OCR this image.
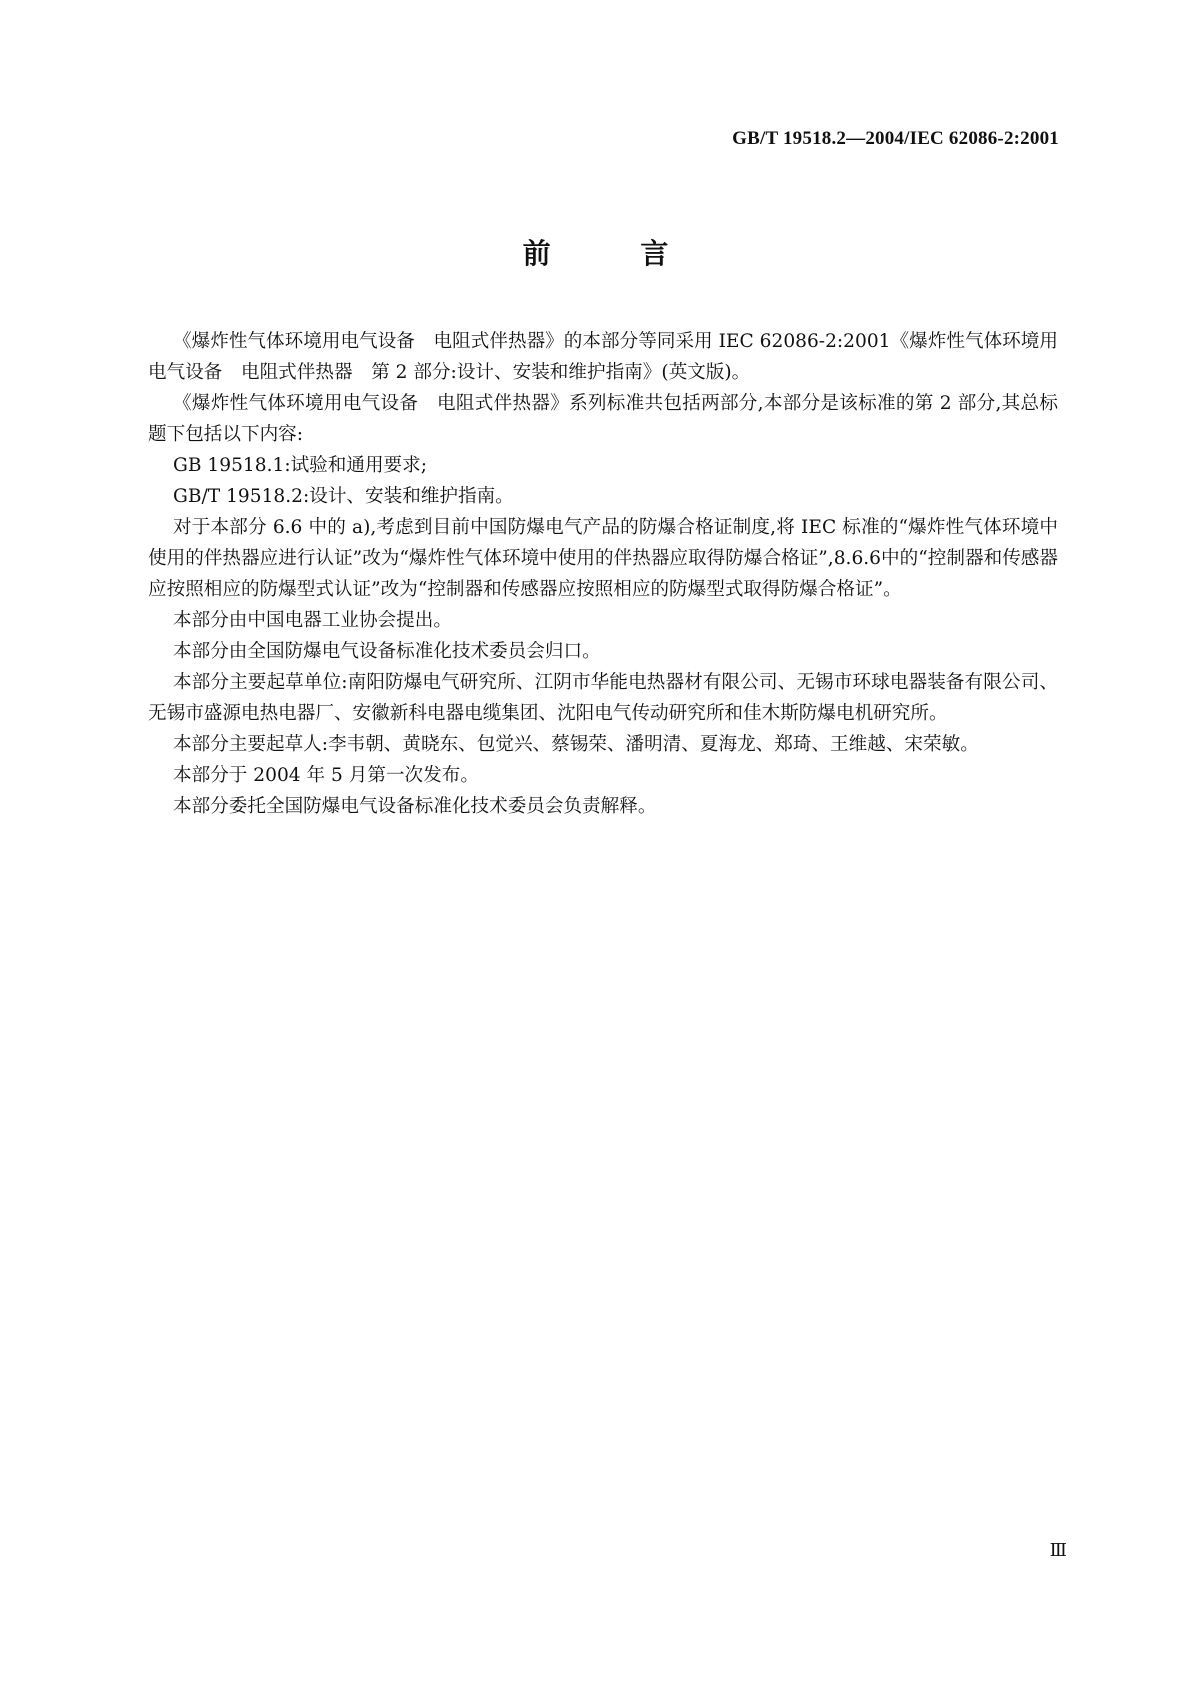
GB/T 19518.2—2004/IEC 62086-2:2001
前 言

《爆炸性气体环境用电气设备　电阻式伴热器》的本部分等同采用 IEC 62086-2:2001《爆炸性气体环境用电气设备　电阻式伴热器　第 2 部分:设计、安装和维护指南》(英文版)。

《爆炸性气体环境用电气设备　电阻式伴热器》系列标准共包括两部分,本部分是该标准的第 2 部分,其总标题下包括以下内容:

GB 19518.1:试验和通用要求;

GB/T 19518.2:设计、安装和维护指南。

对于本部分 6.6 中的 a),考虑到目前中国防爆电气产品的防爆合格证制度,将 IEC 标准的“爆炸性气体环境中使用的伴热器应进行认证”改为“爆炸性气体环境中使用的伴热器应取得防爆合格证”,8.6.6中的“控制器和传感器应按照相应的防爆型式认证”改为“控制器和传感器应按照相应的防爆型式取得防爆合格证”。

本部分由中国电器工业协会提出。

本部分由全国防爆电气设备标准化技术委员会归口。

本部分主要起草单位:南阳防爆电气研究所、江阴市华能电热器材有限公司、无锡市环球电器装备有限公司、无锡市盛源电热电器厂、安徽新科电器电缆集团、沈阳电气传动研究所和佳木斯防爆电机研究所。

本部分主要起草人:李韦朝、黄晓东、包觉兴、蔡锡荣、潘明清、夏海龙、郑琦、王维越、宋荣敏。

本部分于 2004 年 5 月第一次发布。

本部分委托全国防爆电气设备标准化技术委员会负责解释。

Ⅲ
